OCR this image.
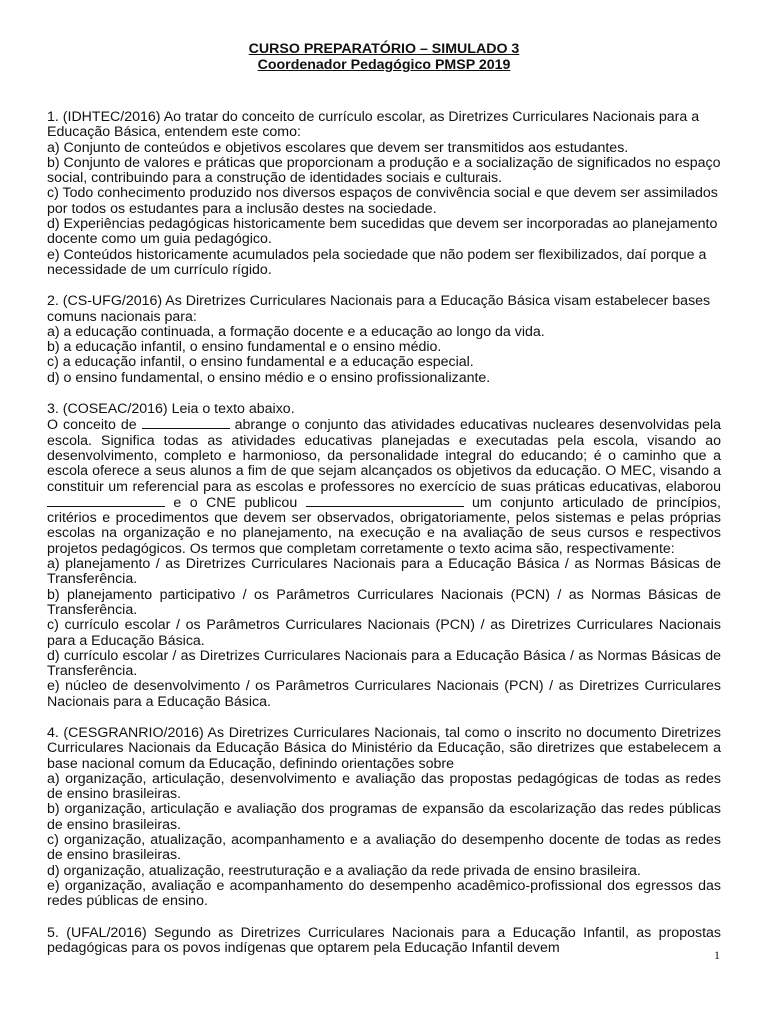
CURSO PREPARATÓRIO – SIMULADO 3
Coordenador Pedagógico PMSP 2019

1. (IDHTEC/2016) Ao tratar do conceito de currículo escolar, as Diretrizes Curriculares Nacionais para a Educação Básica, entendem este como:

a) Conjunto de conteúdos e objetivos escolares que devem ser transmitidos aos estudantes.

b) Conjunto de valores e práticas que proporcionam a produção e a socialização de significados no espaço social, contribuindo para a construção de identidades sociais e culturais.

c) Todo conhecimento produzido nos diversos espaços de convivência social e que devem ser assimilados por todos os estudantes para a inclusão destes na sociedade.

d) Experiências pedagógicas historicamente bem sucedidas que devem ser incorporadas ao planejamento docente como um guia pedagógico.

e) Conteúdos historicamente acumulados pela sociedade que não podem ser flexibilizados, daí porque a necessidade de um currículo rígido.

2. (CS-UFG/2016) As Diretrizes Curriculares Nacionais para a Educação Básica visam estabelecer bases comuns nacionais para:

a) a educação continuada, a formação docente e a educação ao longo da vida.

b) a educação infantil, o ensino fundamental e o ensino médio.

c) a educação infantil, o ensino fundamental e a educação especial.

d) o ensino fundamental, o ensino médio e o ensino profissionalizante.

3. (COSEAC/2016) Leia o texto abaixo.

O conceito de	abrange o conjunto das atividades educativas nucleares desenvolvidas pela escola. Significa todas as atividades educativas planejadas e executadas pela escola, visando ao desenvolvimento, completo e harmonioso, da personalidade integral do educando; é o caminho que a escola oferece a seus alunos a fim de que sejam alcançados os objetivos da educação. O MEC, visando a constituir um referencial para as escolas e professores no exercício de suas práticas educativas, elaborou  e o CNE publicou	um conjunto articulado de princípios, critérios e procedimentos que devem ser observados, obrigatoriamente, pelos sistemas e pelas próprias escolas na organização e no planejamento, na execução e na avaliação de seus cursos e respectivos projetos pedagógicos. Os termos que completam corretamente o texto acima são, respectivamente:

a) planejamento / as Diretrizes Curriculares Nacionais para a Educação Básica / as Normas Básicas de Transferência.

b) planejamento participativo / os Parâmetros Curriculares Nacionais (PCN) / as Normas Básicas de Transferência.

c) currículo escolar / os Parâmetros Curriculares Nacionais (PCN) / as Diretrizes Curriculares Nacionais para a Educação Básica.

d) currículo escolar / as Diretrizes Curriculares Nacionais para a Educação Básica / as Normas Básicas de Transferência.

e) núcleo de desenvolvimento / os Parâmetros Curriculares Nacionais (PCN) / as Diretrizes Curriculares Nacionais para a Educação Básica.

4. (CESGRANRIO/2016) As Diretrizes Curriculares Nacionais, tal como o inscrito no documento Diretrizes Curriculares Nacionais da Educação Básica do Ministério da Educação, são diretrizes que estabelecem a base nacional comum da Educação, definindo orientações sobre

a) organização, articulação, desenvolvimento e avaliação das propostas pedagógicas de todas as redes de ensino brasileiras.

b) organização, articulação e avaliação dos programas de expansão da escolarização das redes públicas de ensino brasileiras.

c) organização, atualização, acompanhamento e a avaliação do desempenho docente de todas as redes de ensino brasileiras.

d) organização, atualização, reestruturação e a avaliação da rede privada de ensino brasileira.

e) organização, avaliação e acompanhamento do desempenho acadêmico-profissional dos egressos das redes públicas de ensino.

5. (UFAL/2016) Segundo as Diretrizes Curriculares Nacionais para a Educação Infantil, as propostas pedagógicas para os povos indígenas que optarem pela Educação Infantil devem	1
